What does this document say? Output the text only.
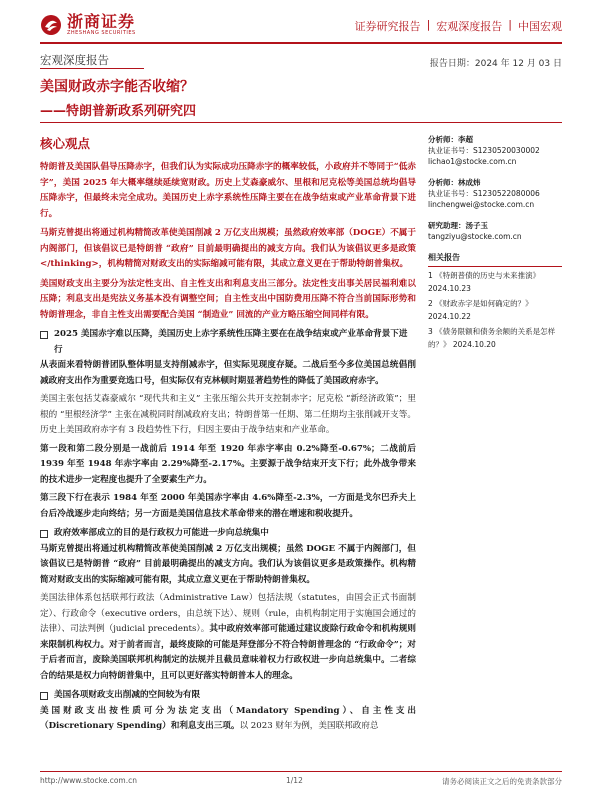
浙商证券
ZHESHANG SECURITIES	证券研究报告 | 宏观深度报告 | 中国宏观
宏观深度报告	报告日期：2024 年 12 月 03 日
美国财政赤字能否收缩？
——特朗普新政系列研究四
核心观点

特朗普及美国队倡导压降赤字，但我们认为实际成功压降赤字的概率较低，小政府并不等同于“低赤字”，美国 2025 年大概率继续延续宽财政。历史上艾森豪威尔、里根和尼克松等美国总统均倡导压降赤字，但最终未完全成功。美国历史上赤字系统性压降主要在在战争结束或产业革命背景下进行。

马斯克曾提出将通过机构精简改革使美国削减 2 万亿支出规模；虽然政府效率部（DOGE）不属于内阁部门，但该倡议已是特朗普 “政府” 目前最明确提出的减支方向。我们认为该倡议更多是政策</thinking>，机构精简对财政支出的实际缩减可能有限，其成立意义更在于帮助特朗普集权。

美国财政支出主要分为法定性支出、自主性支出和利息支出三部分。法定性支出事关居民福利难以压降；利息支出是宪法义务基本没有调整空间；自主性支出中国防费用压降不符合当前国际形势和特朗普理念，非自主性支出需要配合美国 “制造业” 回流的产业方略压缩空间同样有限。

2025 美国赤字难以压降，美国历史上赤字系统性压降主要在在战争结束或产业革命背景下进行

从表面来看特朗普团队整体明显支持削减赤字，但实际见现度存疑。二战后至今多位美国总统倡削减政府支出作为重要竞选口号，但实际仅有克林顿时期显著趋势性的降低了美国政府赤字。

美国主张包括艾森豪威尔 “现代共和主义” 主张压缩公共开支控制赤字；尼克松 “新经济政策”；里根的 “里根经济学” 主张在减税同时削减政府支出；特朗普第一任期、第二任期均主张削减开支等。历史上美国政府赤字有 3 段趋势性下行，归因主要由于战争结束和产业革命。

第一段和第二段分别是一战前后 1914 年至 1920 年赤字率由 0.2%降至-0.67%；二战前后 1939 年至 1948 年赤字率由 2.29%降至-2.17%。主要源于战争结束开支下行；此外战争带来的技术进步一定程度也提升了全要素生产力。

第三段下行在表示 1984 年至 2000 年美国赤字率由 4.6%降至-2.3%，一方面是戈尔巴乔夫上台后冷战逐步走向终结；另一方面是美国信息技术革命带来的潜在增速和税收提升。

政府效率部成立的目的是行政权力可能进一步向总统集中

马斯克曾提出将通过机构精简改革使美国削减 2 万亿支出规模；虽然 DOGE 不属于内阁部门，但该倡议已是特朗普 “政府” 目前最明确提出的减支方向。我们认为该倡议更多是政策操作。机构精简对财政支出的实际缩减可能有限，其成立意义更在于帮助特朗普集权。

美国法律体系包括联邦行政法（Administrative Law）包括法规（statutes，由国会正式书面制定）、行政命令（executive orders，由总统下达）、规则（rule，由机构制定用于实施国会通过的法律）、司法判例（judicial precedents）。其中政府效率部可能通过建议废除行政命令和机构规则来限制机构权力。对于前者而言，最终废除的可能是拜登部分不符合特朗普理念的 “行政命令”；对于后者而言，废除美国联邦机构制定的法规并且截员意味着权力行政权进一步向总统集中。二者综合的结果是权力向特朗普集中，且可以更好落实特朗普本人的理念。

美国各项财政支出削减的空间较为有限

美国财政支出按性质可分为法定支出（Mandatory Spending）、自主性支出（Discretionary Spending）和利息支出三项。以 2023 财年为例，美国联邦政府总

分析师：李超
执业证书号：S1230520030002
lichao1@stocke.com.cn
分析师：林成炜
执业证书号：S1230522080006
linchengwei@stocke.com.cn
研究助理：汤子玉
tangziyu@stocke.com.cn
相关报告
1 《特朗普债的历史与未来推演》 2024.10.23
2 《财政赤字是如何确定的？》 2024.10.22
3 《债务限额和债务余额的关系是怎样的？》 2024.10.20
http://www.stocke.com.cn	1/12	请务必阅读正文之后的免责条款部分
